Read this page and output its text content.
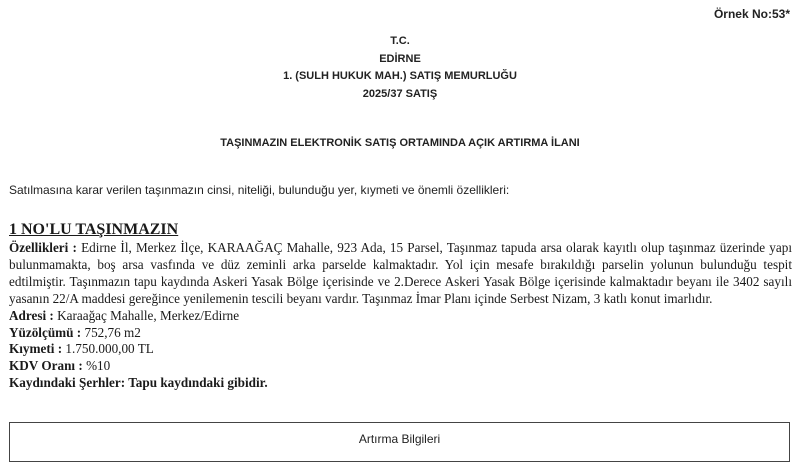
Örnek No:53*
T.C.
EDİRNE
1. (SULH HUKUK MAH.) SATIŞ MEMURLUĞU
2025/37 SATIŞ
TAŞINMAZIN ELEKTRONİK SATIŞ ORTAMINDA AÇIK ARTIRMA İLANI
Satılmasına karar verilen taşınmazın cinsi, niteliği, bulunduğu yer, kıymeti ve önemli özellikleri:
1 NO'LU TAŞINMAZIN

Özellikleri : Edirne İl, Merkez İlçe, KARAAĞAÇ Mahalle, 923 Ada, 15 Parsel, Taşınmaz tapuda arsa olarak kayıtlı olup taşınmaz üzerinde yapı bulunmamakta, boş arsa vasfında ve düz zeminli arka parselde kalmaktadır. Yol için mesafe bırakıldığı parselin yolunun bulunduğu tespit edtilmiştir. Taşınmazın tapu kaydında Askeri Yasak Bölge içerisinde ve 2.Derece Askeri Yasak Bölge içerisinde kalmaktadır beyanı ile 3402 sayılı yasanın 22/A maddesi gereğince yenilemenin tescili beyanı vardır. Taşınmaz İmar Planı içinde Serbest Nizam, 3 katlı konut imarlıdır.

Adresi : Karaağaç Mahalle, Merkez/Edirne

Yüzölçümü : 752,76 m2

Kıymeti : 1.750.000,00 TL

KDV Oranı : %10

Kaydındaki Şerhler: Tapu kaydındaki gibidir.

Artırma Bilgileri
